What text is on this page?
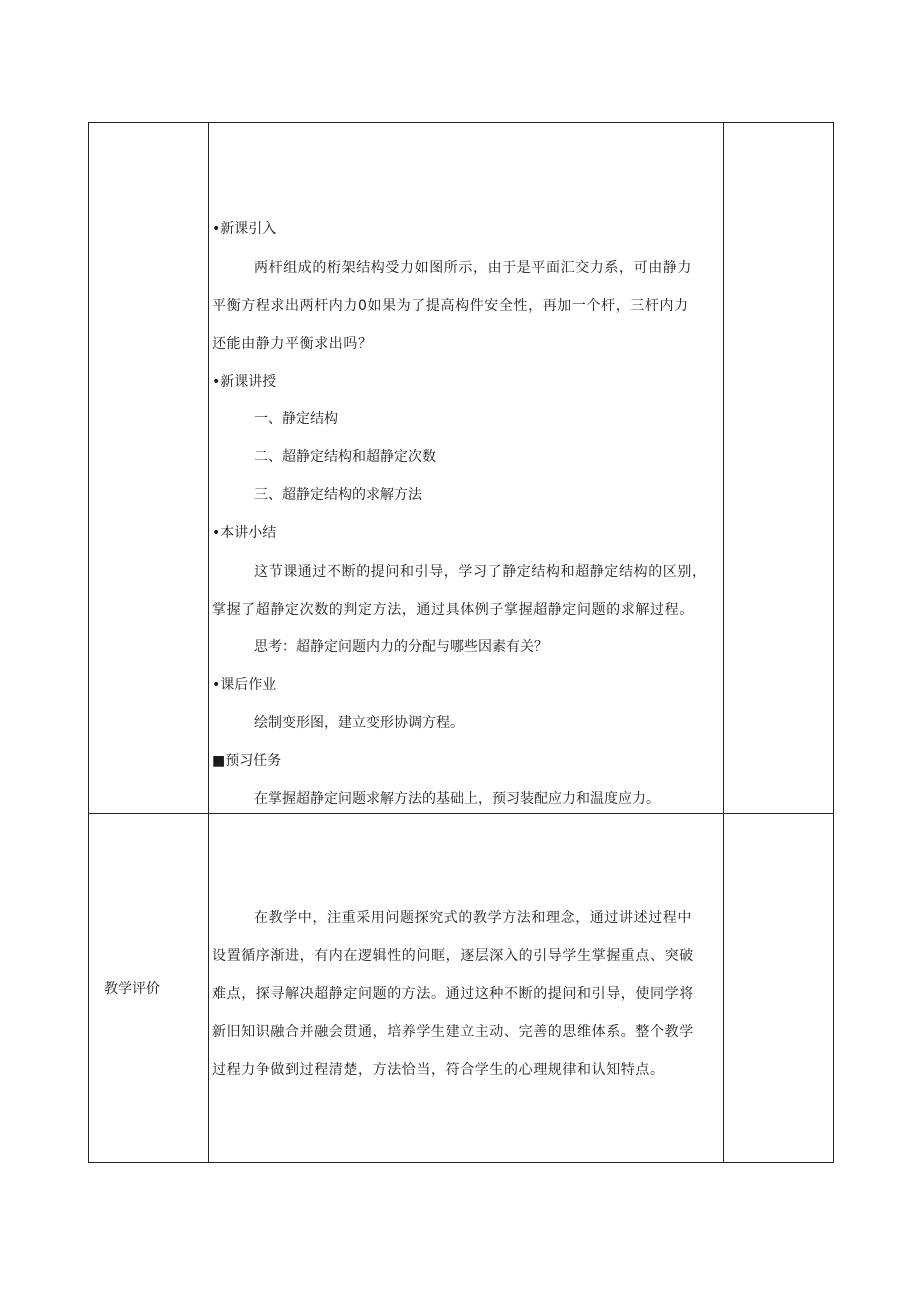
•新课引入

两杆组成的桁架结构受力如图所示，由于是平面汇交力系，可由静力

平衡方程求出两杆内力0如果为了提高构件安全性，再加一个杆，三杆内力

还能由静力平衡求出吗？

•新课讲授
一、静定结构
二、超静定结构和超静定次数
三、超静定结构的求解方法
•本讲小结

这节课通过不断的提问和引导，学习了静定结构和超静定结构的区别，

掌握了超静定次数的判定方法，通过具体例子掌握超静定问题的求解过程。

思考：超静定问题内力的分配与哪些因素有关？
•课后作业
绘制变形图，建立变形协调方程。
■预习任务
在掌握超静定问题求解方法的基础上，预习装配应力和温度应力。
教学评价

在教学中，注重采用问题探究式的教学方法和理念，通过讲述过程中

设置循序渐进，有内在逻辑性的问眶，逐层深入的引导学生掌握重点、突破

难点，探寻解决超静定问题的方法。通过这种不断的提问和引导，使同学将

新旧知识融合并融会贯通，培养学生建立主动、完善的思维体系。整个教学

过程力争做到过程清楚，方法恰当，符合学生的心理规律和认知特点。
